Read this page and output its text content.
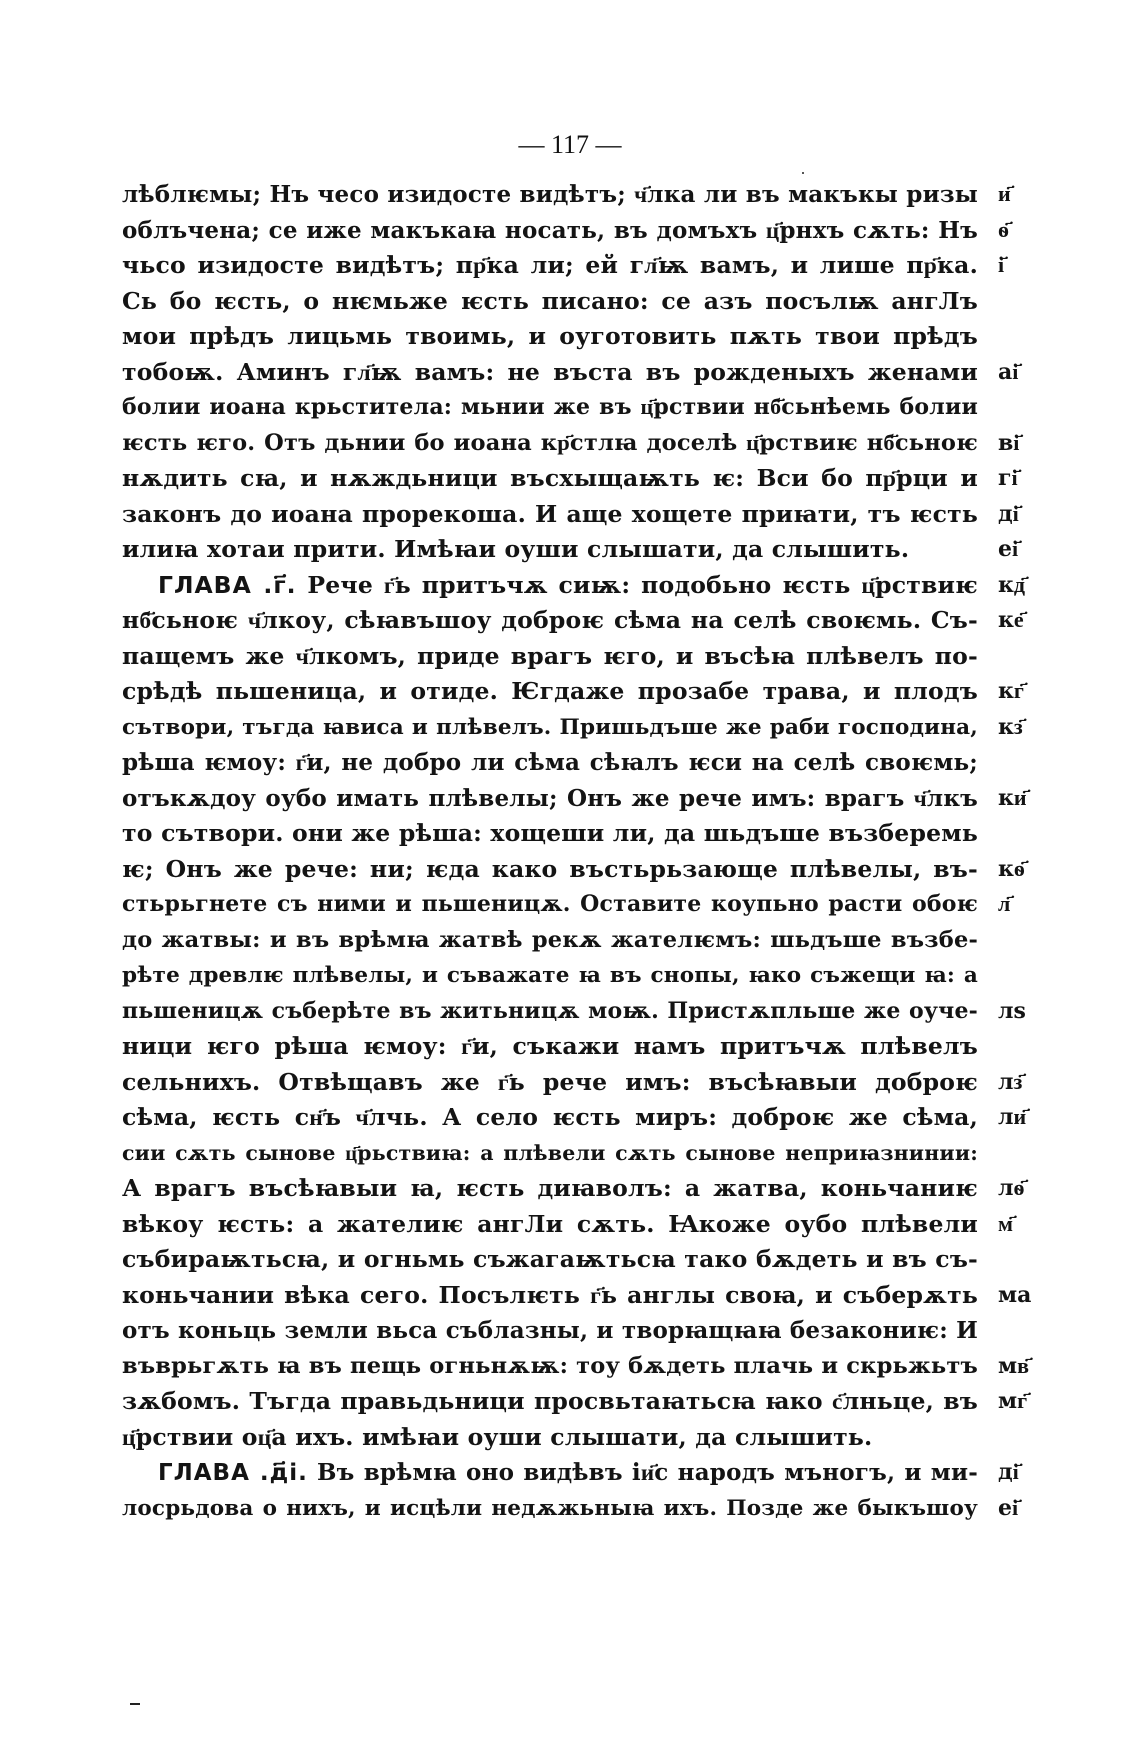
— 117 —
лѣблѥмы; Нъ чесо изидосте видѣтъ; ч҃лка ли въ макъкы ризы
облъчена; се иже макъкаꙗ носать, въ домъхъ ц҃рнхъ сѫть: Нъ
чьсо изидосте видѣтъ; пр҃ка ли; ей гл҃ѭ вамъ, и лише пр҃ка.
Сь бо ѥсть, о нѥмьже ѥсть писано: се азъ посълѭ ангЛъ
мои прѣдъ лицьмь твоимь, и оуготовить пѫть твои прѣдъ
тобоѭ. Аминъ гл҃ѭ вамъ: не въста въ рожденыхъ женами
болии иоана крьститела: мьнии же въ ц҃рствии нб҃сьнѣемь болии
ѥсть ѥго. Отъ дьнии бо иоана кр҃стлꙗ доселѣ ц҃рствиѥ нб҃сьноѥ
нѫдить сꙗ, и нѫждьници въсхыщаѭть ѥ: Вси бо пр҃рци и
законъ до иоана прорекоша. И аще хощете приꙗти, тъ ѥсть
илиꙗ хотаи прити. Имѣꙗи оуши слышати, да слышить.
ГЛАВА .г҃. Рече г҃ь притъчѫ сиѭ: подобьно ѥсть ц҃рствиѥ
нб҃сьноѥ ч҃лкоу, сѣꙗвъшоу доброѥ сѣма на селѣ своѥмь. Съ-
пащемъ же ч҃лкомъ, приде врагъ ѥго, и въсѣꙗ плѣвелъ по-
срѣдѣ пьшеница, и отиде. Ѥгдаже прозабе трава, и плодъ
сътвори, тъгда ꙗвиса и плѣвелъ. Пришьдъше же раби господина,
рѣша ѥмоу: г҃и, не добро ли сѣма сѣꙗлъ ѥси на селѣ своѥмь;
отъкѫдоу оубо имать плѣвелы; Онъ же рече имъ: врагъ ч҃лкъ
то сътвори. они же рѣша: хощеши ли, да шьдъше възберемь
ѥ; Онъ же рече: ни; ѥда како въстьрьзающе плѣвелы, въ-
стьрьгнете съ ними и пьшеницѫ. Оставите коупьно расти обоѥ
до жатвы: и въ врѣмꙗ жатвѣ рекѫ жателѥмъ: шьдъше възбе-
рѣте древлѥ плѣвелы, и съважате ꙗ въ снопы, ꙗко съжещи ꙗ: а
пьшеницѫ съберѣте въ житьницѫ моѭ. Пристѫпльше же оуче-
ници ѥго рѣша ѥмоу: г҃и, съкажи намъ притъчѫ плѣвелъ
сельнихъ. Отвѣщавъ же г҃ь рече имъ: въсѣꙗвыи доброѥ
сѣма, ѥсть сн҃ъ ч҃лчь. А село ѥсть миръ: доброѥ же сѣма,
сии сѫть сынове ц҃рьствиꙗ: а плѣвели сѫть сынове неприꙗзнинии:
А врагъ въсѣꙗвыи ꙗ, ѥсть диꙗволъ: а жатва, коньчаниѥ
вѣкоу ѥсть: а жателиѥ ангЛи сѫть. Ꙗкоже оубо плѣвели
събираѭтьсꙗ, и огньмь съжагаѭтьсꙗ тако бѫдеть и въ съ-
коньчании вѣка сего. Посълѥть г҃ь англы своꙗ, и съберѫть
отъ коньць земли вьса съблазны, и творꙗщꙗꙗ безакониѥ: И
въврьгѫть ꙗ въ пещь огньнѫѭ: тоу бѫдеть плачь и скрьжьтъ
зѫбомъ. Тъгда правьдьници просвьтаꙗтьсꙗ ꙗко с҃лньце, въ
ц҃рствии оц҃а ихъ. имѣꙗи оуши слышати, да слышить.
ГЛАВА .д҃і. Въ врѣмꙗ оно видѣвъ іи҃с народъ мъногъ, и ми-
лосрьдова о нихъ, и исцѣли недѫжьныꙗ ихъ. Позде же быкъшоу
и҃
ѳ҃
і҃
аі҃
ві҃
гі҃
ді҃
еі҃
кд҃
ке҃
кг҃
кз҃
ки҃
кѳ҃
л҃
лѕ
лз҃
ли҃
лѳ҃
м҃
ма
мв҃
мг҃
ді҃
еі҃
